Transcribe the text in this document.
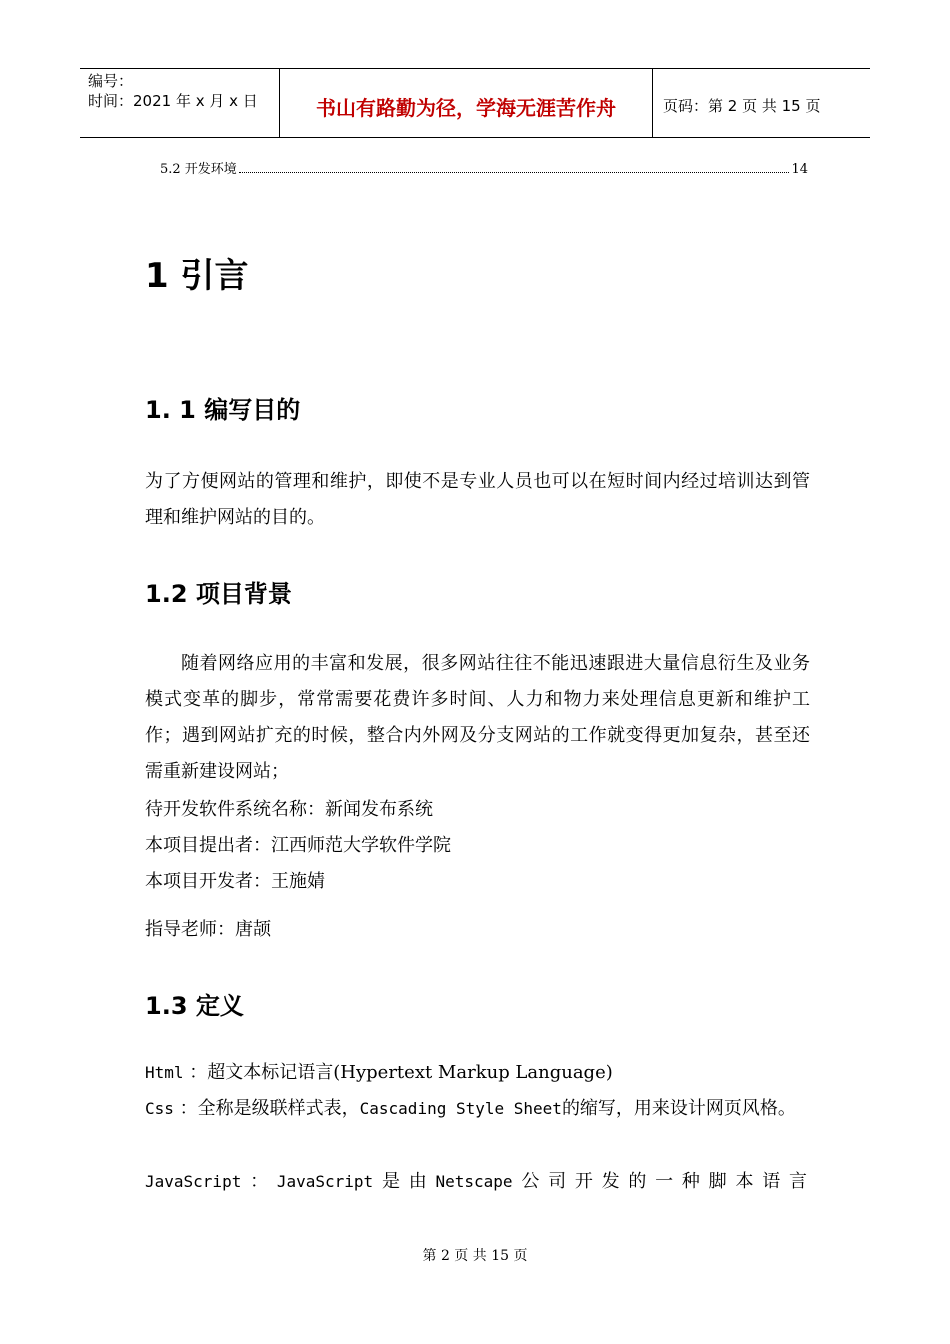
编号：
时间：2021 年 x 月 x 日	书山有路勤为径，学海无涯苦作舟	页码：第 2 页 共 15 页
5.2 开发环境	14
1 引言
1. 1 编写目的
为了方便网站的管理和维护，即使不是专业人员也可以在短时间内经过培训达到管理和维护网站的目的。
1.2 项目背景
随着网络应用的丰富和发展，很多网站往往不能迅速跟进大量信息衍生及业务模式变革的脚步，常常需要花费许多时间、人力和物力来处理信息更新和维护工作；遇到网站扩充的时候，整合内外网及分支网站的工作就变得更加复杂，甚至还需重新建设网站；
待开发软件系统名称：新闻发布系统
本项目提出者：江西师范大学软件学院
本项目开发者：王施婧
指导老师：唐颉
1.3 定义
Html ：超文本标记语言(Hypertext Markup Language)
Css ：全称是级联样式表，Cascading Style Sheet的缩写，用来设计网页风格。
JavaScript ： JavaScript 是 由 Netscape 公 司 开 发 的 一 种 脚 本 语 言
第 2 页 共 15 页
